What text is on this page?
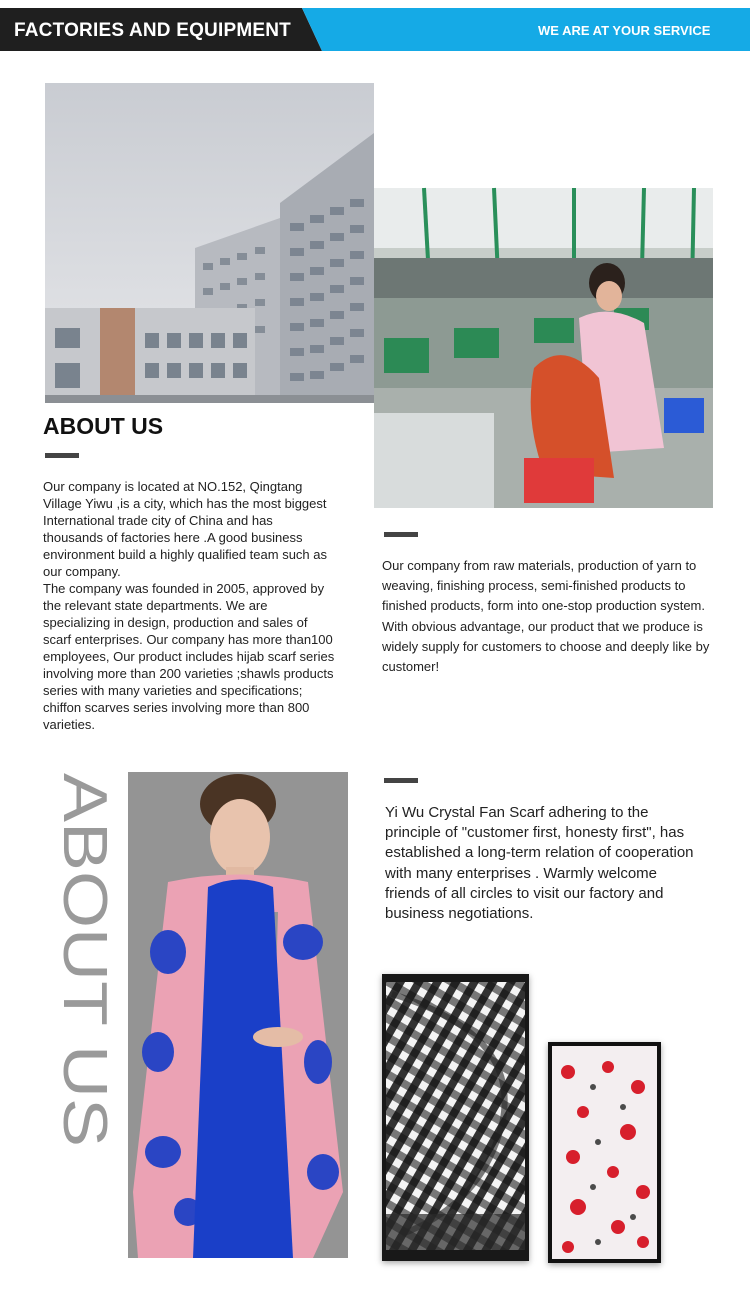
FACTORIES AND EQUIPMENT	WE ARE AT YOUR SERVICE
ABOUT US
Our company is located at NO.152, Qingtang Village Yiwu ,is a city, which has the most biggest International trade city of China and has thousands of factories here .A good business environment build a highly qualified team such as our company.
The company was founded in 2005, approved by the relevant state departments. We are specializing in design, production and sales of scarf enterprises. Our company has more than100 employees, Our product includes hijab scarf series involving more than 200 varieties ;shawls products series with many varieties and specifications; chiffon scarves series involving more than 800 varieties.
Our company from raw materials, production of yarn to weaving, finishing process, semi-finished products to finished products, form into one-stop production system. With obvious advantage, our product that we produce is widely supply for customers to choose and deeply like by customer!
ABOUT US	Yi Wu Crystal Fan Scarf adhering to the principle of "customer first, honesty first", has established a long-term relation of cooperation with many enterprises . Warmly welcome friends of all circles to visit our factory and business negotiations.
